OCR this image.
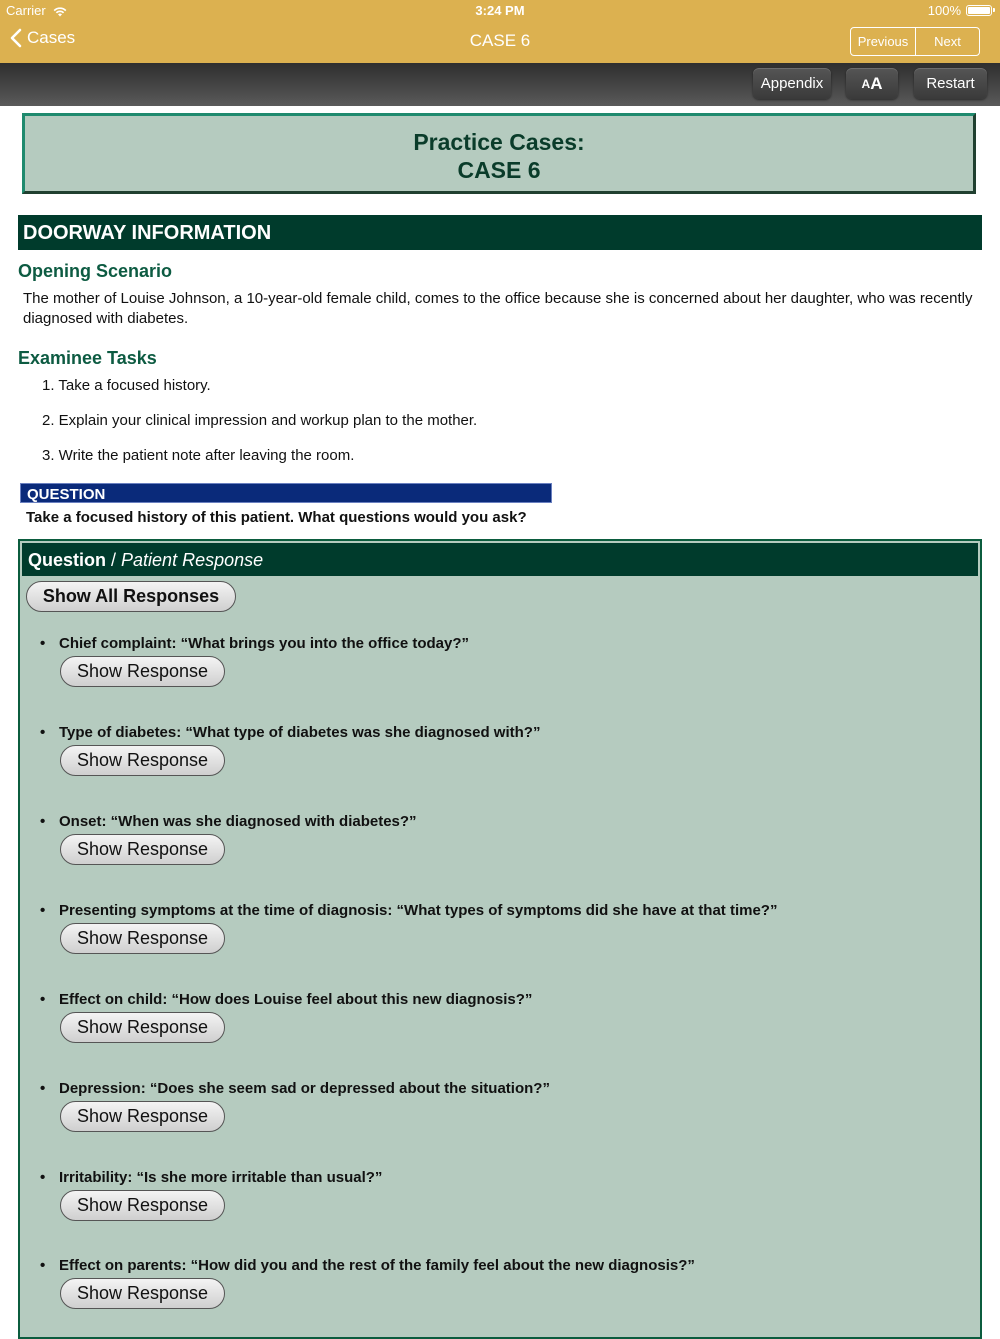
Carrier	3:24 PM	100%
Cases	CASE 6	Previous	Next
Appendix	A A	Restart
Practice Cases:
CASE 6
DOORWAY INFORMATION
Opening Scenario
The mother of Louise Johnson, a 10-year-old female child, comes to the office because she is concerned about her daughter, who was recently diagnosed with diabetes.
Examinee Tasks
1. Take a focused history.
2. Explain your clinical impression and workup plan to the mother.
3. Write the patient note after leaving the room.
QUESTION
Take a focused history of this patient. What questions would you ask?
Question / Patient Response
Show All Responses
• Chief complaint: “What brings you into the office today?”
Show Response
• Type of diabetes: “What type of diabetes was she diagnosed with?”
Show Response
• Onset: “When was she diagnosed with diabetes?”
Show Response
• Presenting symptoms at the time of diagnosis: “What types of symptoms did she have at that time?”
Show Response
• Effect on child: “How does Louise feel about this new diagnosis?”
Show Response
• Depression: “Does she seem sad or depressed about the situation?”
Show Response
• Irritability: “Is she more irritable than usual?”
Show Response
• Effect on parents: “How did you and the rest of the family feel about the new diagnosis?”
Show Response
